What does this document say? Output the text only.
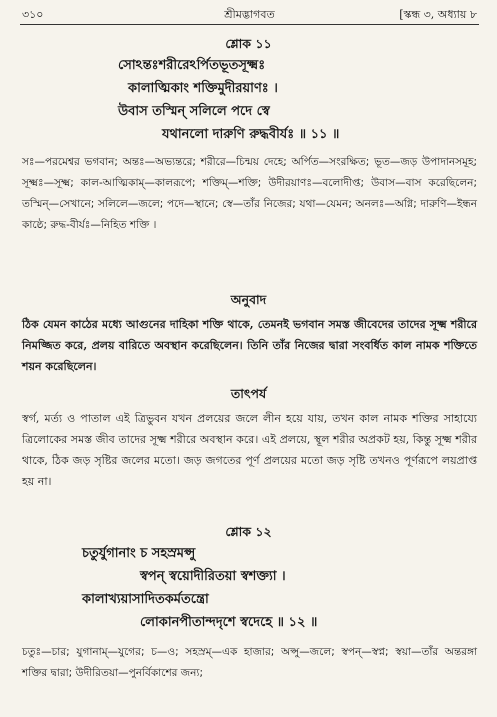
৩১০	শ্রীমদ্ভাগবত	[স্কন্ধ ৩, অধ্যায় ৮
শ্লোক ১১
সোঽন্তঃশরীরেঽর্পিতভূতসূক্ষ্মঃ
কালাত্মিকাং শক্তিমুদীরয়াণঃ ।
উবাস তস্মিন্ সলিলে পদে স্বে
যথানলো দারুণি রুদ্ধবীর্যঃ ॥ ১১ ॥
সঃ—পরমেশ্বর ভগবান; অন্তঃ—অভ্যন্তরে; শরীরে—চিন্ময় দেহে; অর্পিত—সংরক্ষিত; ভূত—জড় উপাদানসমূহ; সূক্ষ্মঃ—সূক্ষ্ম; কাল-আত্মিকাম্—কালরূপে; শক্তিম্—শক্তি; উদীরয়াণঃ—বলোদীপ্ত; উবাস—বাস করেছিলেন; তস্মিন্—সেখানে; সলিলে—জলে; পদে—স্থানে; স্বে—তাঁর নিজের; যথা—যেমন; অনলঃ—অগ্নি; দারুণি—ইন্ধন কাষ্ঠে; রুদ্ধ-বীর্যঃ—নিহিত শক্তি ।
অনুবাদ
ঠিক যেমন কাঠের মধ্যে আগুনের দাহিকা শক্তি থাকে, তেমনই ভগবান সমস্ত জীবেদের তাদের সূক্ষ্ম শরীরে নিমজ্জিত করে, প্রলয় বারিতে অবস্থান করেছিলেন। তিনি তাঁর নিজের দ্বারা সংবর্ধিত কাল নামক শক্তিতে শয়ন করেছিলেন।
তাৎপর্য
স্বর্গ, মর্ত্য ও পাতাল এই ত্রিভুবন যখন প্রলয়ের জলে লীন হয়ে যায়, তখন কাল নামক শক্তির সাহায্যে ত্রিলোকের সমস্ত জীব তাদের সূক্ষ্ম শরীরে অবস্থান করে। এই প্রলয়ে, স্থূল শরীর অপ্রকট হয়, কিন্তু সূক্ষ্ম শরীর থাকে, ঠিক জড় সৃষ্টির জলের মতো। জড় জগতের পূর্ণ প্রলয়ের মতো জড় সৃষ্টি তখনও পূর্ণরূপে লয়প্রাপ্ত হয় না।
শ্লোক ১২
চতুর্যুগানাং চ সহস্রমপ্সু
স্বপন্ স্বয়োদীরিতয়া স্বশক্ত্যা ।
কালাখ্যয়াসাদিতকর্মতন্ত্রো
লোকানপীতান্দদৃশে স্বদেহে ॥ ১২ ॥
চতুঃ—চার; যুগানাম্—যুগের; চ—ও; সহস্রম্—এক হাজার; অপ্সু—জলে; স্বপন্—স্বপ্ন; স্বয়া—তাঁর অন্তরঙ্গা শক্তির দ্বারা; উদীরিতয়া—পুনর্বিকাশের জন্য;
